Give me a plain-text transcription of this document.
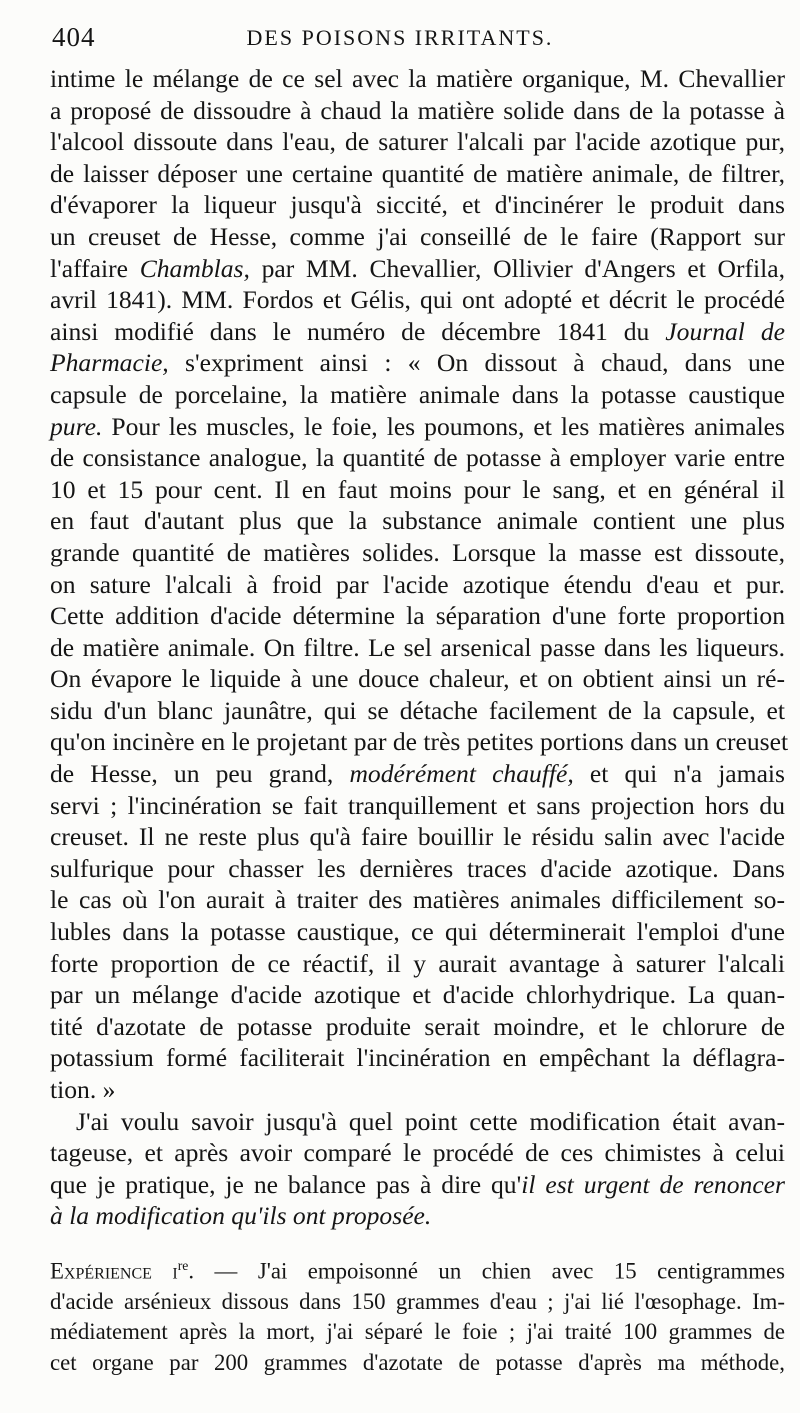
404	DES POISONS IRRITANTS.
intime le mélange de ce sel avec la matière organique, M. Chevallier
a proposé de dissoudre à chaud la matière solide dans de la potasse à
l'alcool dissoute dans l'eau, de saturer l'alcali par l'acide azotique pur,
de laisser déposer une certaine quantité de matière animale, de filtrer,
d'évaporer la liqueur jusqu'à siccité, et d'incinérer le produit dans
un creuset de Hesse, comme j'ai conseillé de le faire (Rapport sur
l'affaire Chamblas, par MM. Chevallier, Ollivier d'Angers et Orfila,
avril 1841). MM. Fordos et Gélis, qui ont adopté et décrit le procédé
ainsi modifié dans le numéro de décembre 1841 du Journal de
Pharmacie, s'expriment ainsi : « On dissout à chaud, dans une
capsule de porcelaine, la matière animale dans la potasse caustique
pure. Pour les muscles, le foie, les poumons, et les matières animales
de consistance analogue, la quantité de potasse à employer varie entre
10 et 15 pour cent. Il en faut moins pour le sang, et en général il
en faut d'autant plus que la substance animale contient une plus
grande quantité de matières solides. Lorsque la masse est dissoute,
on sature l'alcali à froid par l'acide azotique étendu d'eau et pur.
Cette addition d'acide détermine la séparation d'une forte proportion
de matière animale. On filtre. Le sel arsenical passe dans les liqueurs.
On évapore le liquide à une douce chaleur, et on obtient ainsi un ré-
sidu d'un blanc jaunâtre, qui se détache facilement de la capsule, et
qu'on incinère en le projetant par de très petites portions dans un creuset
de Hesse, un peu grand, modérément chauffé, et qui n'a jamais
servi ; l'incinération se fait tranquillement et sans projection hors du
creuset. Il ne reste plus qu'à faire bouillir le résidu salin avec l'acide
sulfurique pour chasser les dernières traces d'acide azotique. Dans
le cas où l'on aurait à traiter des matières animales difficilement so-
lubles dans la potasse caustique, ce qui déterminerait l'emploi d'une
forte proportion de ce réactif, il y aurait avantage à saturer l'alcali
par un mélange d'acide azotique et d'acide chlorhydrique. La quan-
tité d'azotate de potasse produite serait moindre, et le chlorure de
potassium formé faciliterait l'incinération en empêchant la déflagra-
tion. »
J'ai voulu savoir jusqu'à quel point cette modification était avan-
tageuse, et après avoir comparé le procédé de ces chimistes à celui
que je pratique, je ne balance pas à dire qu'il est urgent de renoncer
à la modification qu'ils ont proposée.
Expérience $i^{re}$. — J'ai empoisonné un chien avec 15 centigrammes
d'acide arsénieux dissous dans 150 grammes d'eau ; j'ai lié l'œsophage. Im-
médiatement après la mort, j'ai séparé le foie ; j'ai traité 100 grammes de
cet organe par 200 grammes d'azotate de potasse d'après ma méthode,
